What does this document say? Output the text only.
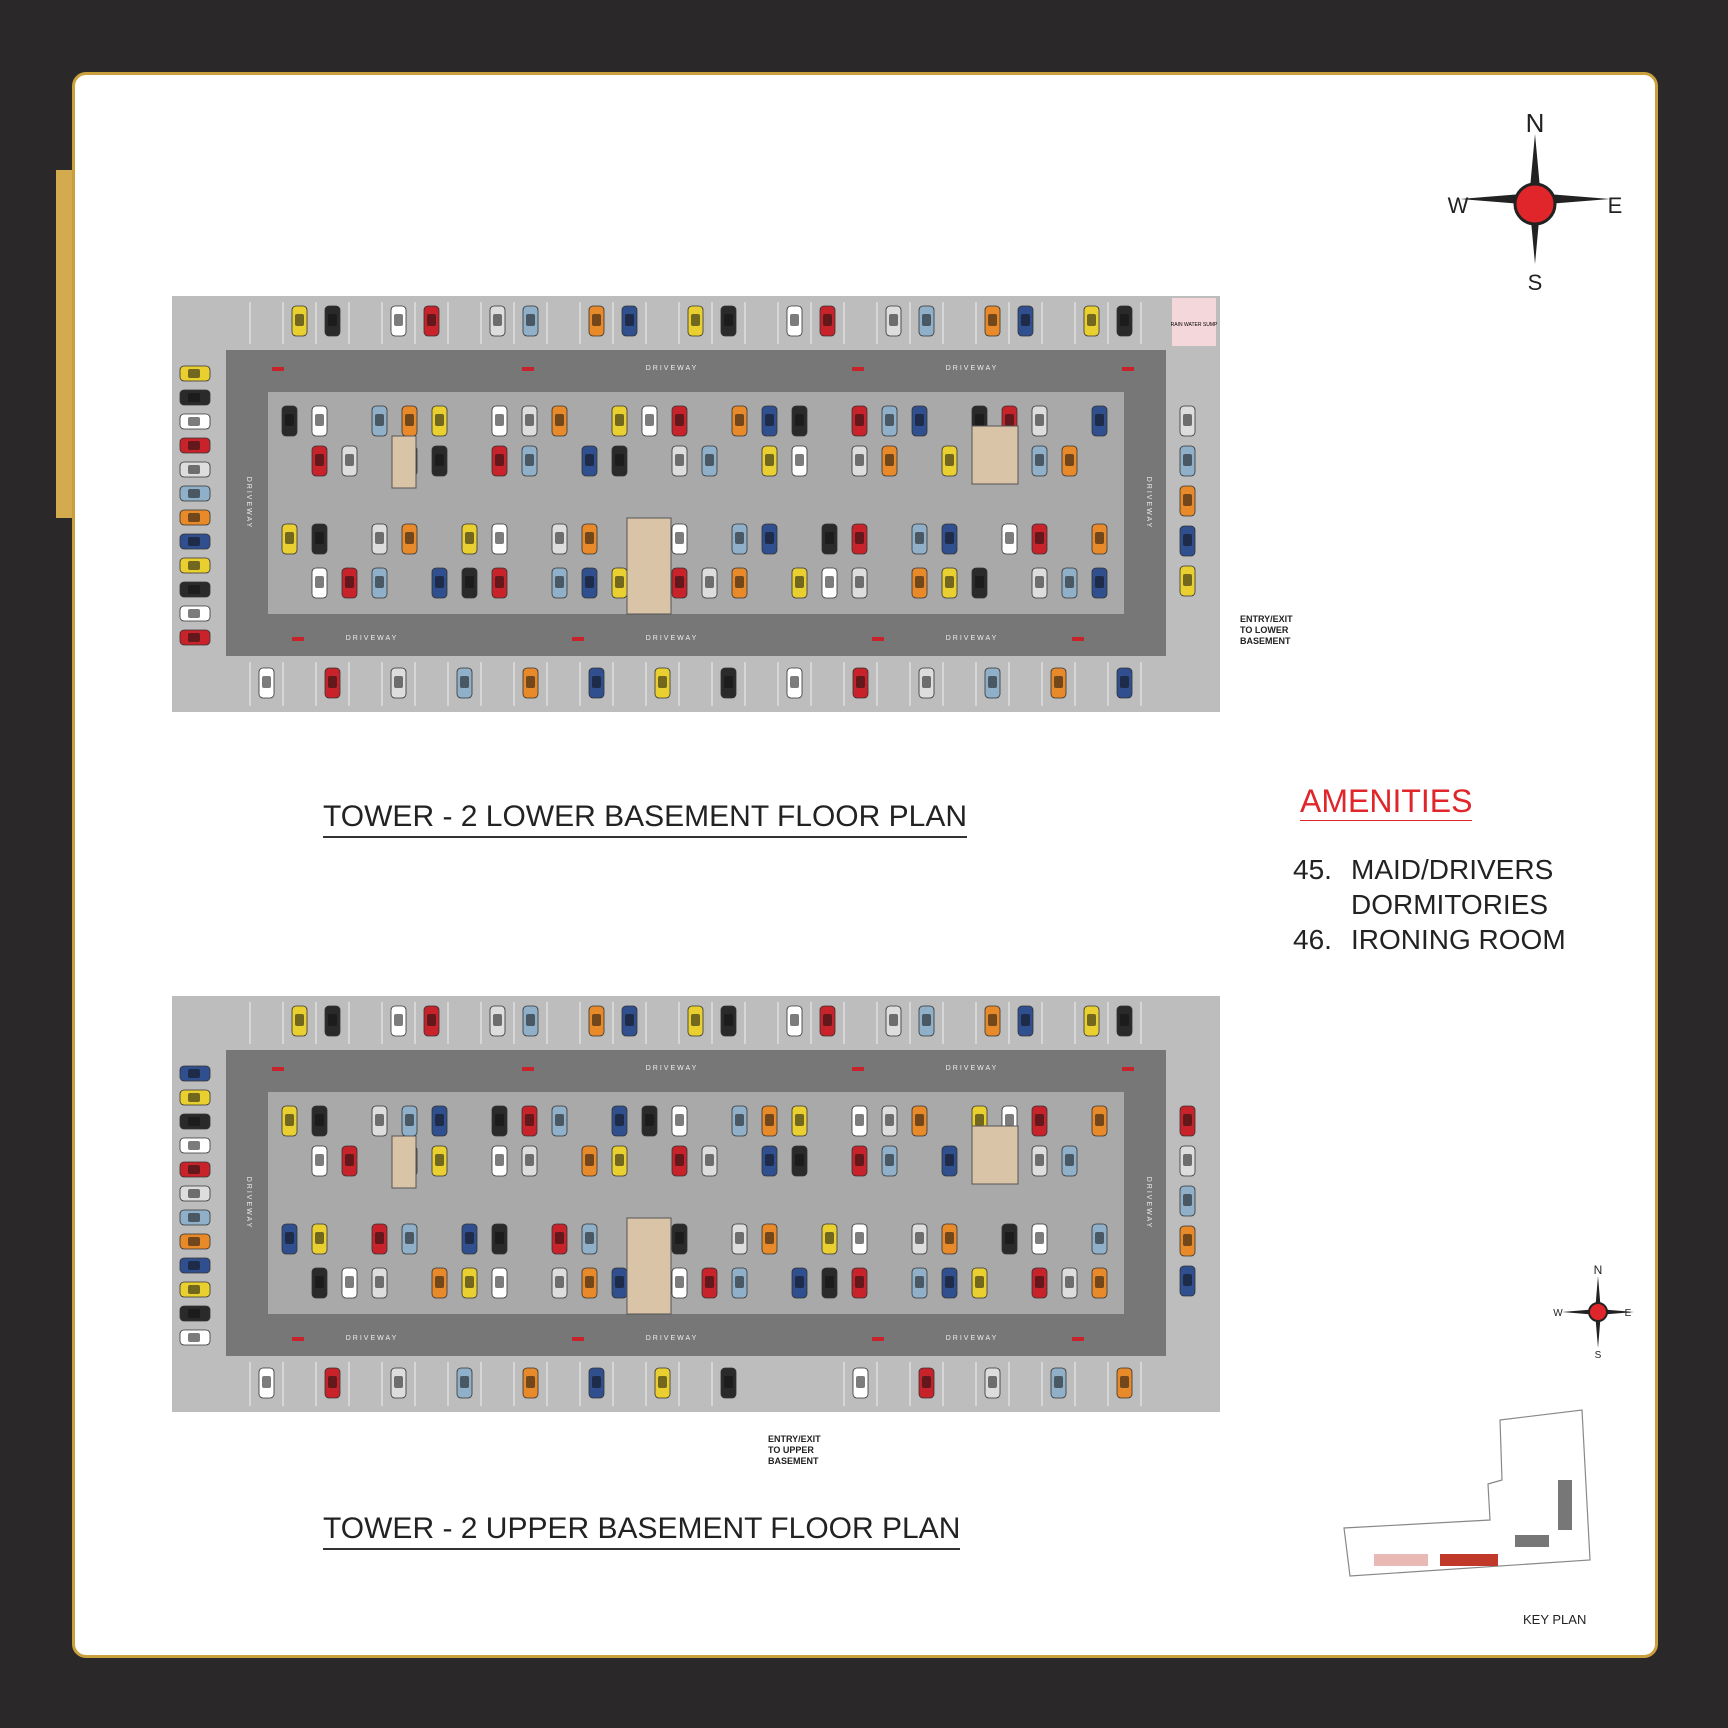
DRIVEWAY	DRIVEWAY
DRIVEWAY	DRIVEWAY	DRIVEWAY
DRIVEWAY	DRIVEWAY
RAIN WATER SUMP
ENTRY/EXIT
TO LOWER
BASEMENT
TOWER - 2 LOWER BASEMENT FLOOR PLAN
DRIVEWAY	DRIVEWAY
DRIVEWAY	DRIVEWAY	DRIVEWAY
DRIVEWAY	DRIVEWAY
ENTRY/EXIT
TO UPPER
BASEMENT
TOWER - 2 UPPER BASEMENT FLOOR PLAN
AMENITIES
45. MAID/DRIVERS
DORMITORIES
46. IRONING ROOM
N
S
E
W
N
S
E
W
KEY PLAN
